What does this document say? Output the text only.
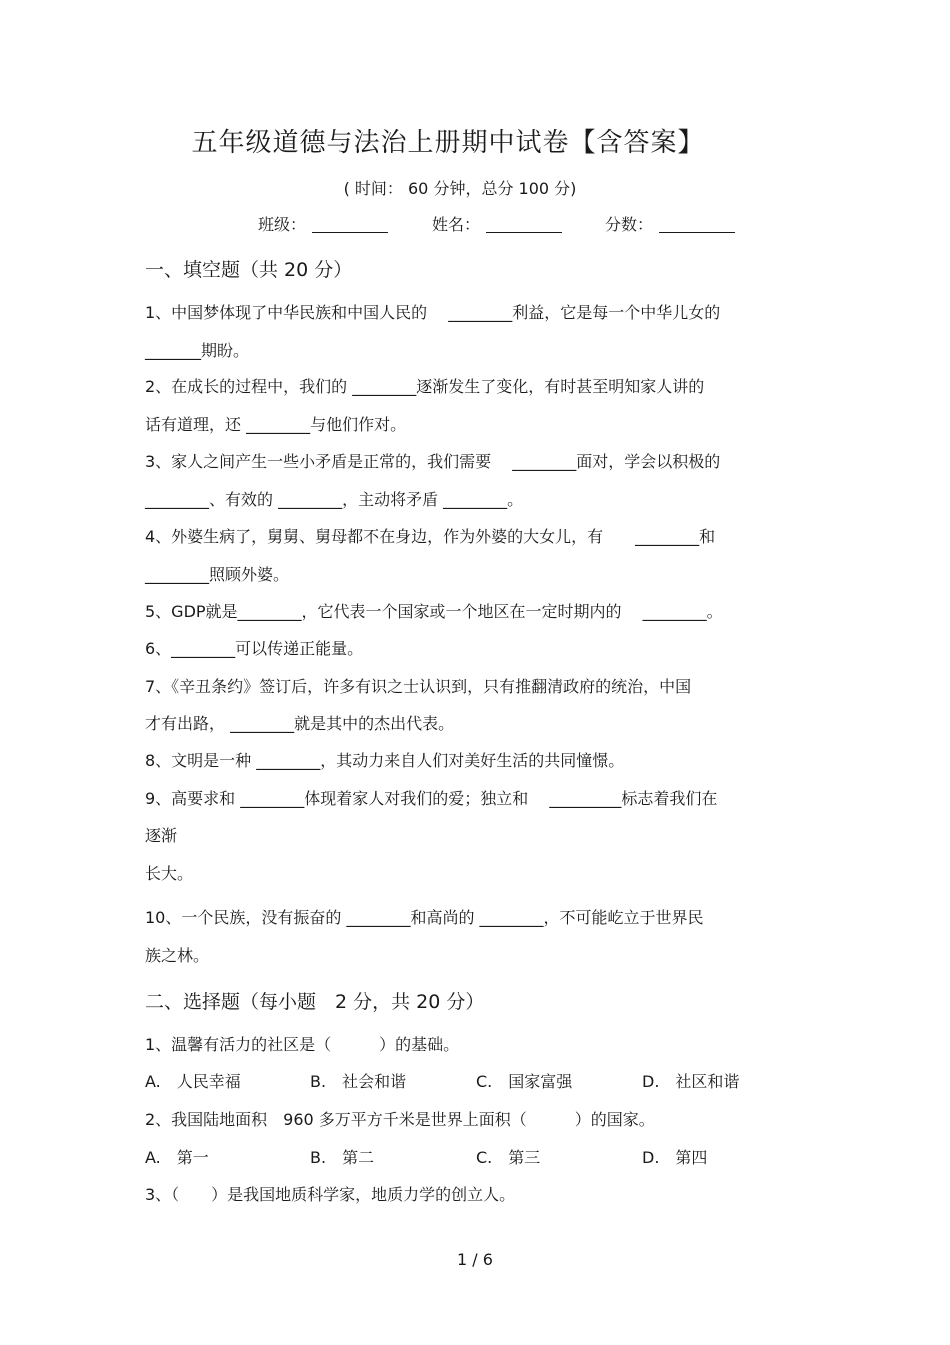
五年级道德与法治上册期中试卷【含答案】
( 时间： 60 分钟，总分 100 分)
班级：	姓名：	分数：
一、填空题（共 20 分）
1、中国梦体现了中华民族和中国人民的　 ________利益，它是每一个中华儿女的
_______期盼。
2、在成长的过程中，我们的 ________逐渐发生了变化，有时甚至明知家人讲的
话有道理，还 ________与他们作对。
3、家人之间产生一些小矛盾是正常的，我们需要　 ________面对，学会以积极的
________、有效的 ________，主动将矛盾 ________。
4、外婆生病了，舅舅、舅母都不在身边，作为外婆的大女儿，有　　________和
________照顾外婆。
5、GDP就是________，它代表一个国家或一个地区在一定时期内的　 ________。
6、________可以传递正能量。
7、《辛丑条约》签订后，许多有识之士认识到，只有推翻清政府的统治，中国
才有出路， ________就是其中的杰出代表。
8、文明是一种 ________，其动力来自人们对美好生活的共同憧憬。
9、高要求和 ________体现着家人对我们的爱；独立和　 _________标志着我们在
逐渐
长大。
10、一个民族，没有振奋的 ________和高尚的 ________，不可能屹立于世界民
族之林。
二、选择题（每小题　2 分，共 20 分）
1、温馨有活力的社区是（　　　）的基础。
A.　人民幸福	B.　社会和谐	C.　国家富强	D.　社区和谐
2、我国陆地面积　960 多万平方千米是世界上面积（　　　）的国家。
A.　第一	B.　第二	C.　第三	D.　第四
3、（　　）是我国地质科学家，地质力学的创立人。
1 / 6
